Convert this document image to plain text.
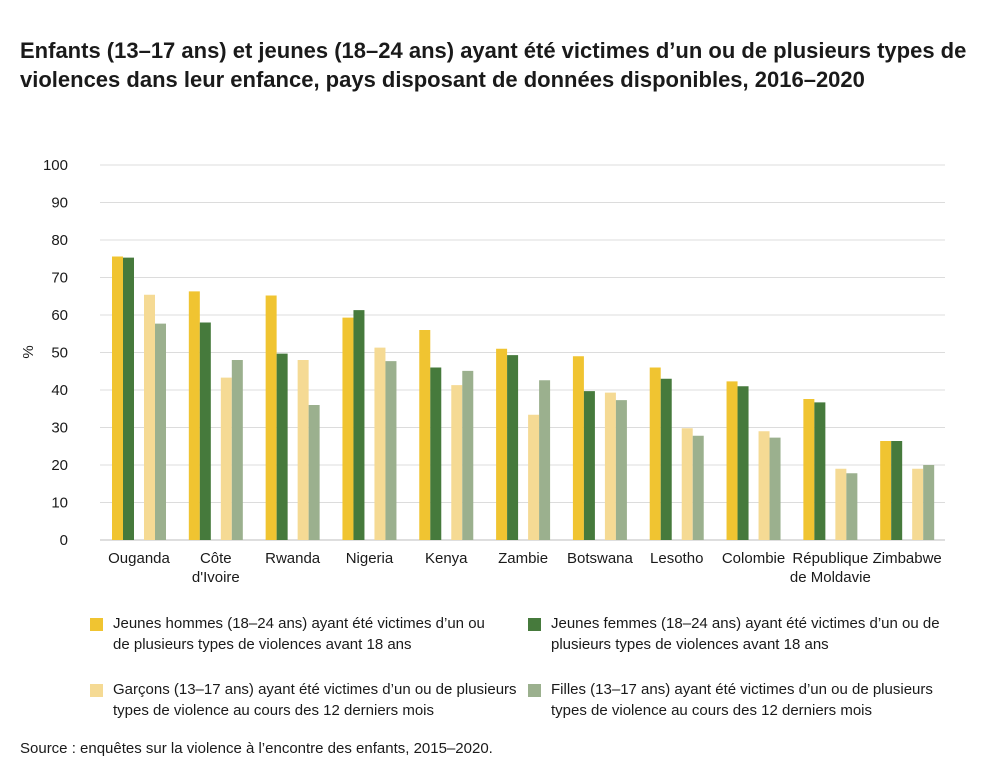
Enfants (13–17 ans) et jeunes (18–24 ans) ayant été victimes d’un ou de plusieurs types de violences dans leur enfance, pays disposant de données disponibles, 2016–2020
0
10
20
30
40
50
60
70
80
90
100
%
Ouganda Côte
d'Ivoire
Rwanda Nigeria Kenya Zambie Botswana Lesotho Colombie République
de Moldavie
Zimbabwe
Jeunes hommes (18–24 ans) ayant été victimes d’un ou de plusieurs types de violences avant 18 ans
Jeunes femmes (18–24 ans) ayant été victimes d’un ou de plusieurs types de violences avant 18 ans
Garçons (13–17 ans) ayant été victimes d’un ou de plusieurs types de violence au cours des 12 derniers mois
Filles (13–17 ans) ayant été victimes d’un ou de plusieurs types de violence au cours des 12 derniers mois
Source : enquêtes sur la violence à l’encontre des enfants, 2015–2020.
